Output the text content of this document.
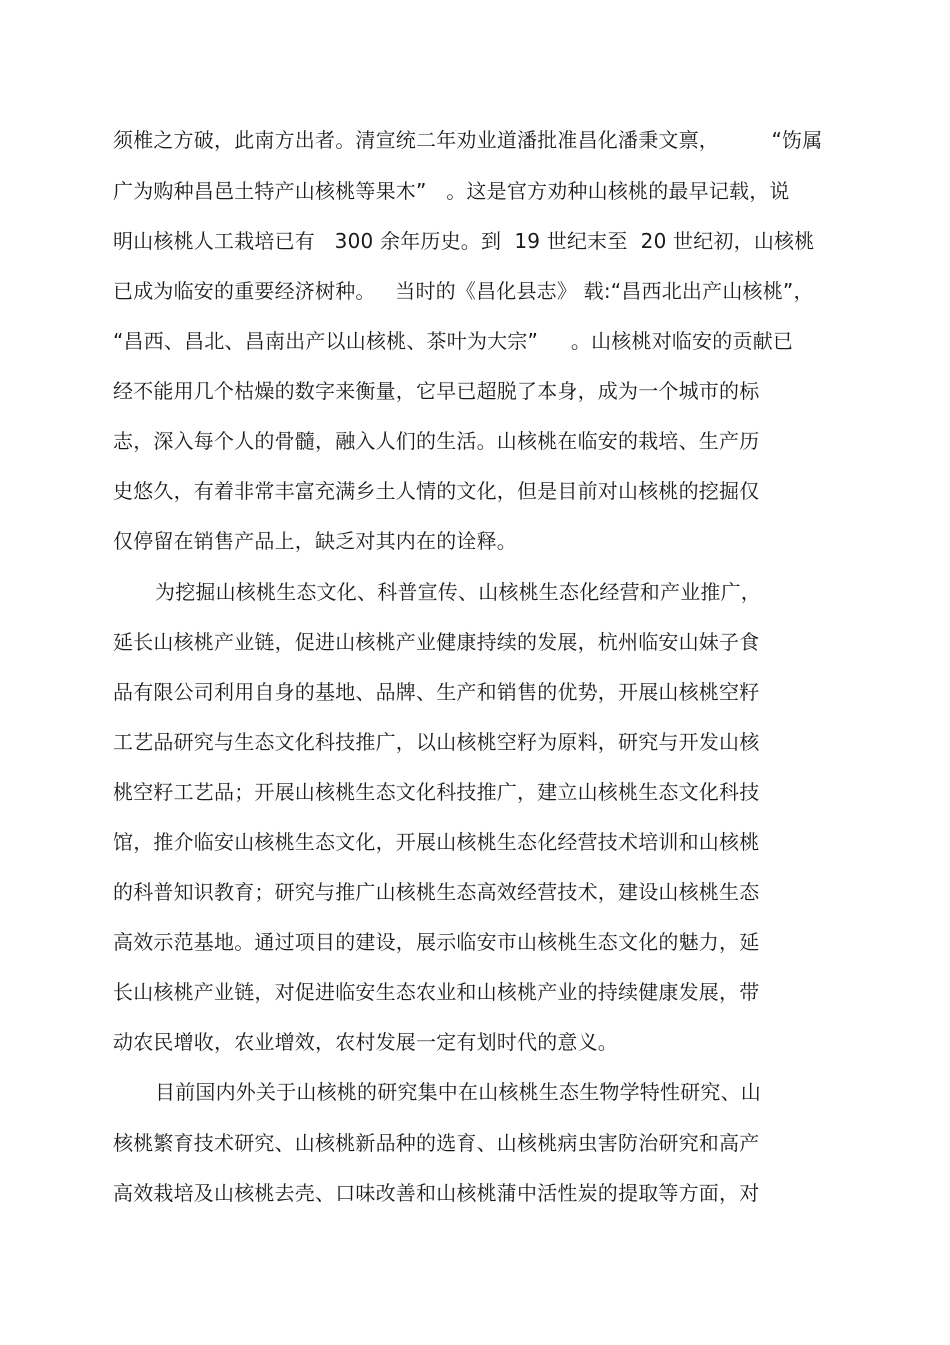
须椎之方破，此南方出者。清宣统二年劝业道潘批准昌化潘秉文禀，        “饬属
广为购种昌邑土特产山核桃等果木”   。这是官方劝种山核桃的最早记载，说
明山核桃人工栽培已有   300 余年历史。到  19 世纪末至  20 世纪初，山核桃
已成为临安的重要经济树种。   当时的《昌化县志》 载:“昌西北出产山核桃”，
“昌西、昌北、昌南出产以山核桃、茶叶为大宗”     。山核桃对临安的贡献已
经不能用几个枯燥的数字来衡量，它早已超脱了本身，成为一个城市的标
志，深入每个人的骨髓，融入人们的生活。山核桃在临安的栽培、生产历
史悠久，有着非常丰富充满乡土人情的文化，但是目前对山核桃的挖掘仅
仅停留在销售产品上，缺乏对其内在的诠释。
为挖掘山核桃生态文化、科普宣传、山核桃生态化经营和产业推广，
延长山核桃产业链，促进山核桃产业健康持续的发展，杭州临安山妹子食
品有限公司利用自身的基地、品牌、生产和销售的优势，开展山核桃空籽
工艺品研究与生态文化科技推广，以山核桃空籽为原料，研究与开发山核
桃空籽工艺品；开展山核桃生态文化科技推广，建立山核桃生态文化科技
馆，推介临安山核桃生态文化，开展山核桃生态化经营技术培训和山核桃
的科普知识教育；研究与推广山核桃生态高效经营技术，建设山核桃生态
高效示范基地。通过项目的建设，展示临安市山核桃生态文化的魅力，延
长山核桃产业链，对促进临安生态农业和山核桃产业的持续健康发展，带
动农民增收，农业增效，农村发展一定有划时代的意义。
目前国内外关于山核桃的研究集中在山核桃生态生物学特性研究、山
核桃繁育技术研究、山核桃新品种的选育、山核桃病虫害防治研究和高产
高效栽培及山核桃去壳、口味改善和山核桃蒲中活性炭的提取等方面，对
